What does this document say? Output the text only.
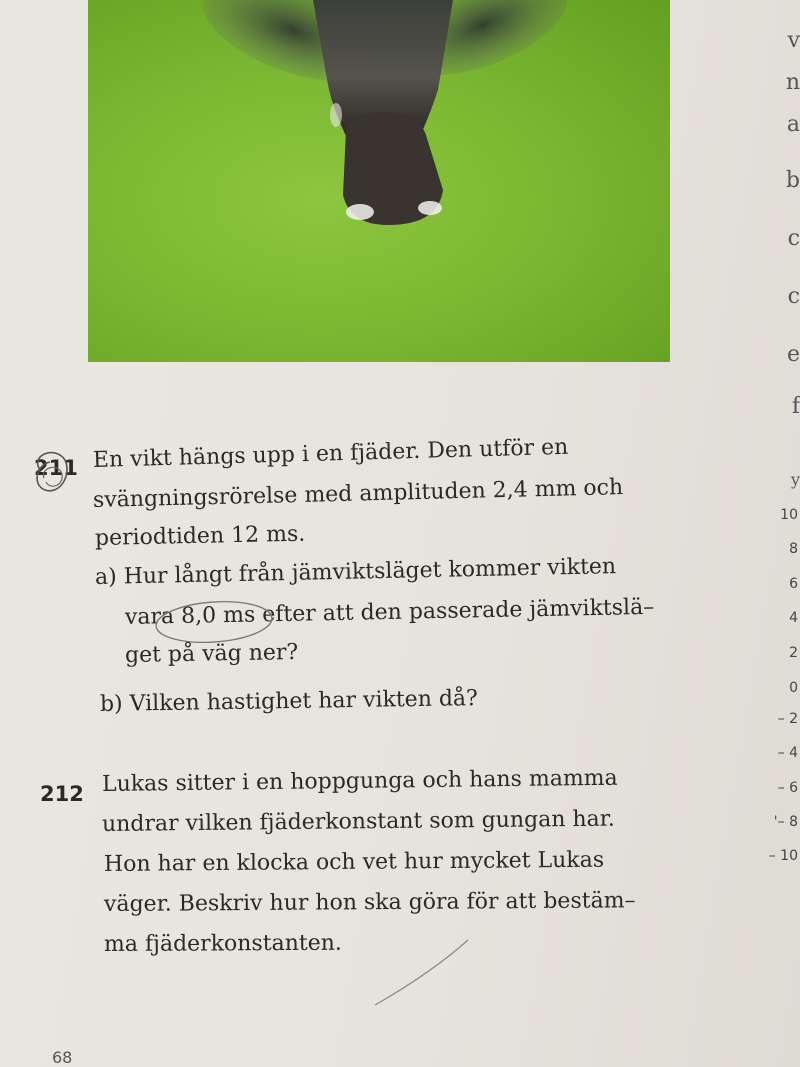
v
n
a
b
c
c
e
f
y
10
8
6
4
2
0
– 2
– 4
– 6
'– 8
– 10
211 En vikt hängs upp i en fjäder. Den utför en
svängningsrörelse med amplituden 2,4 mm och
periodtiden 12 ms.
a) Hur långt från jämviktsläget kommer vikten
vara 8,0 ms efter att den passerade jämviktslä–
get på väg ner?
b) Vilken hastighet har vikten då?
212 Lukas sitter i en hoppgunga och hans mamma
undrar vilken fjäderkonstant som gungan har.
Hon har en klocka och vet hur mycket Lukas
väger. Beskriv hur hon ska göra för att bestäm–
ma fjäderkonstanten.
68
